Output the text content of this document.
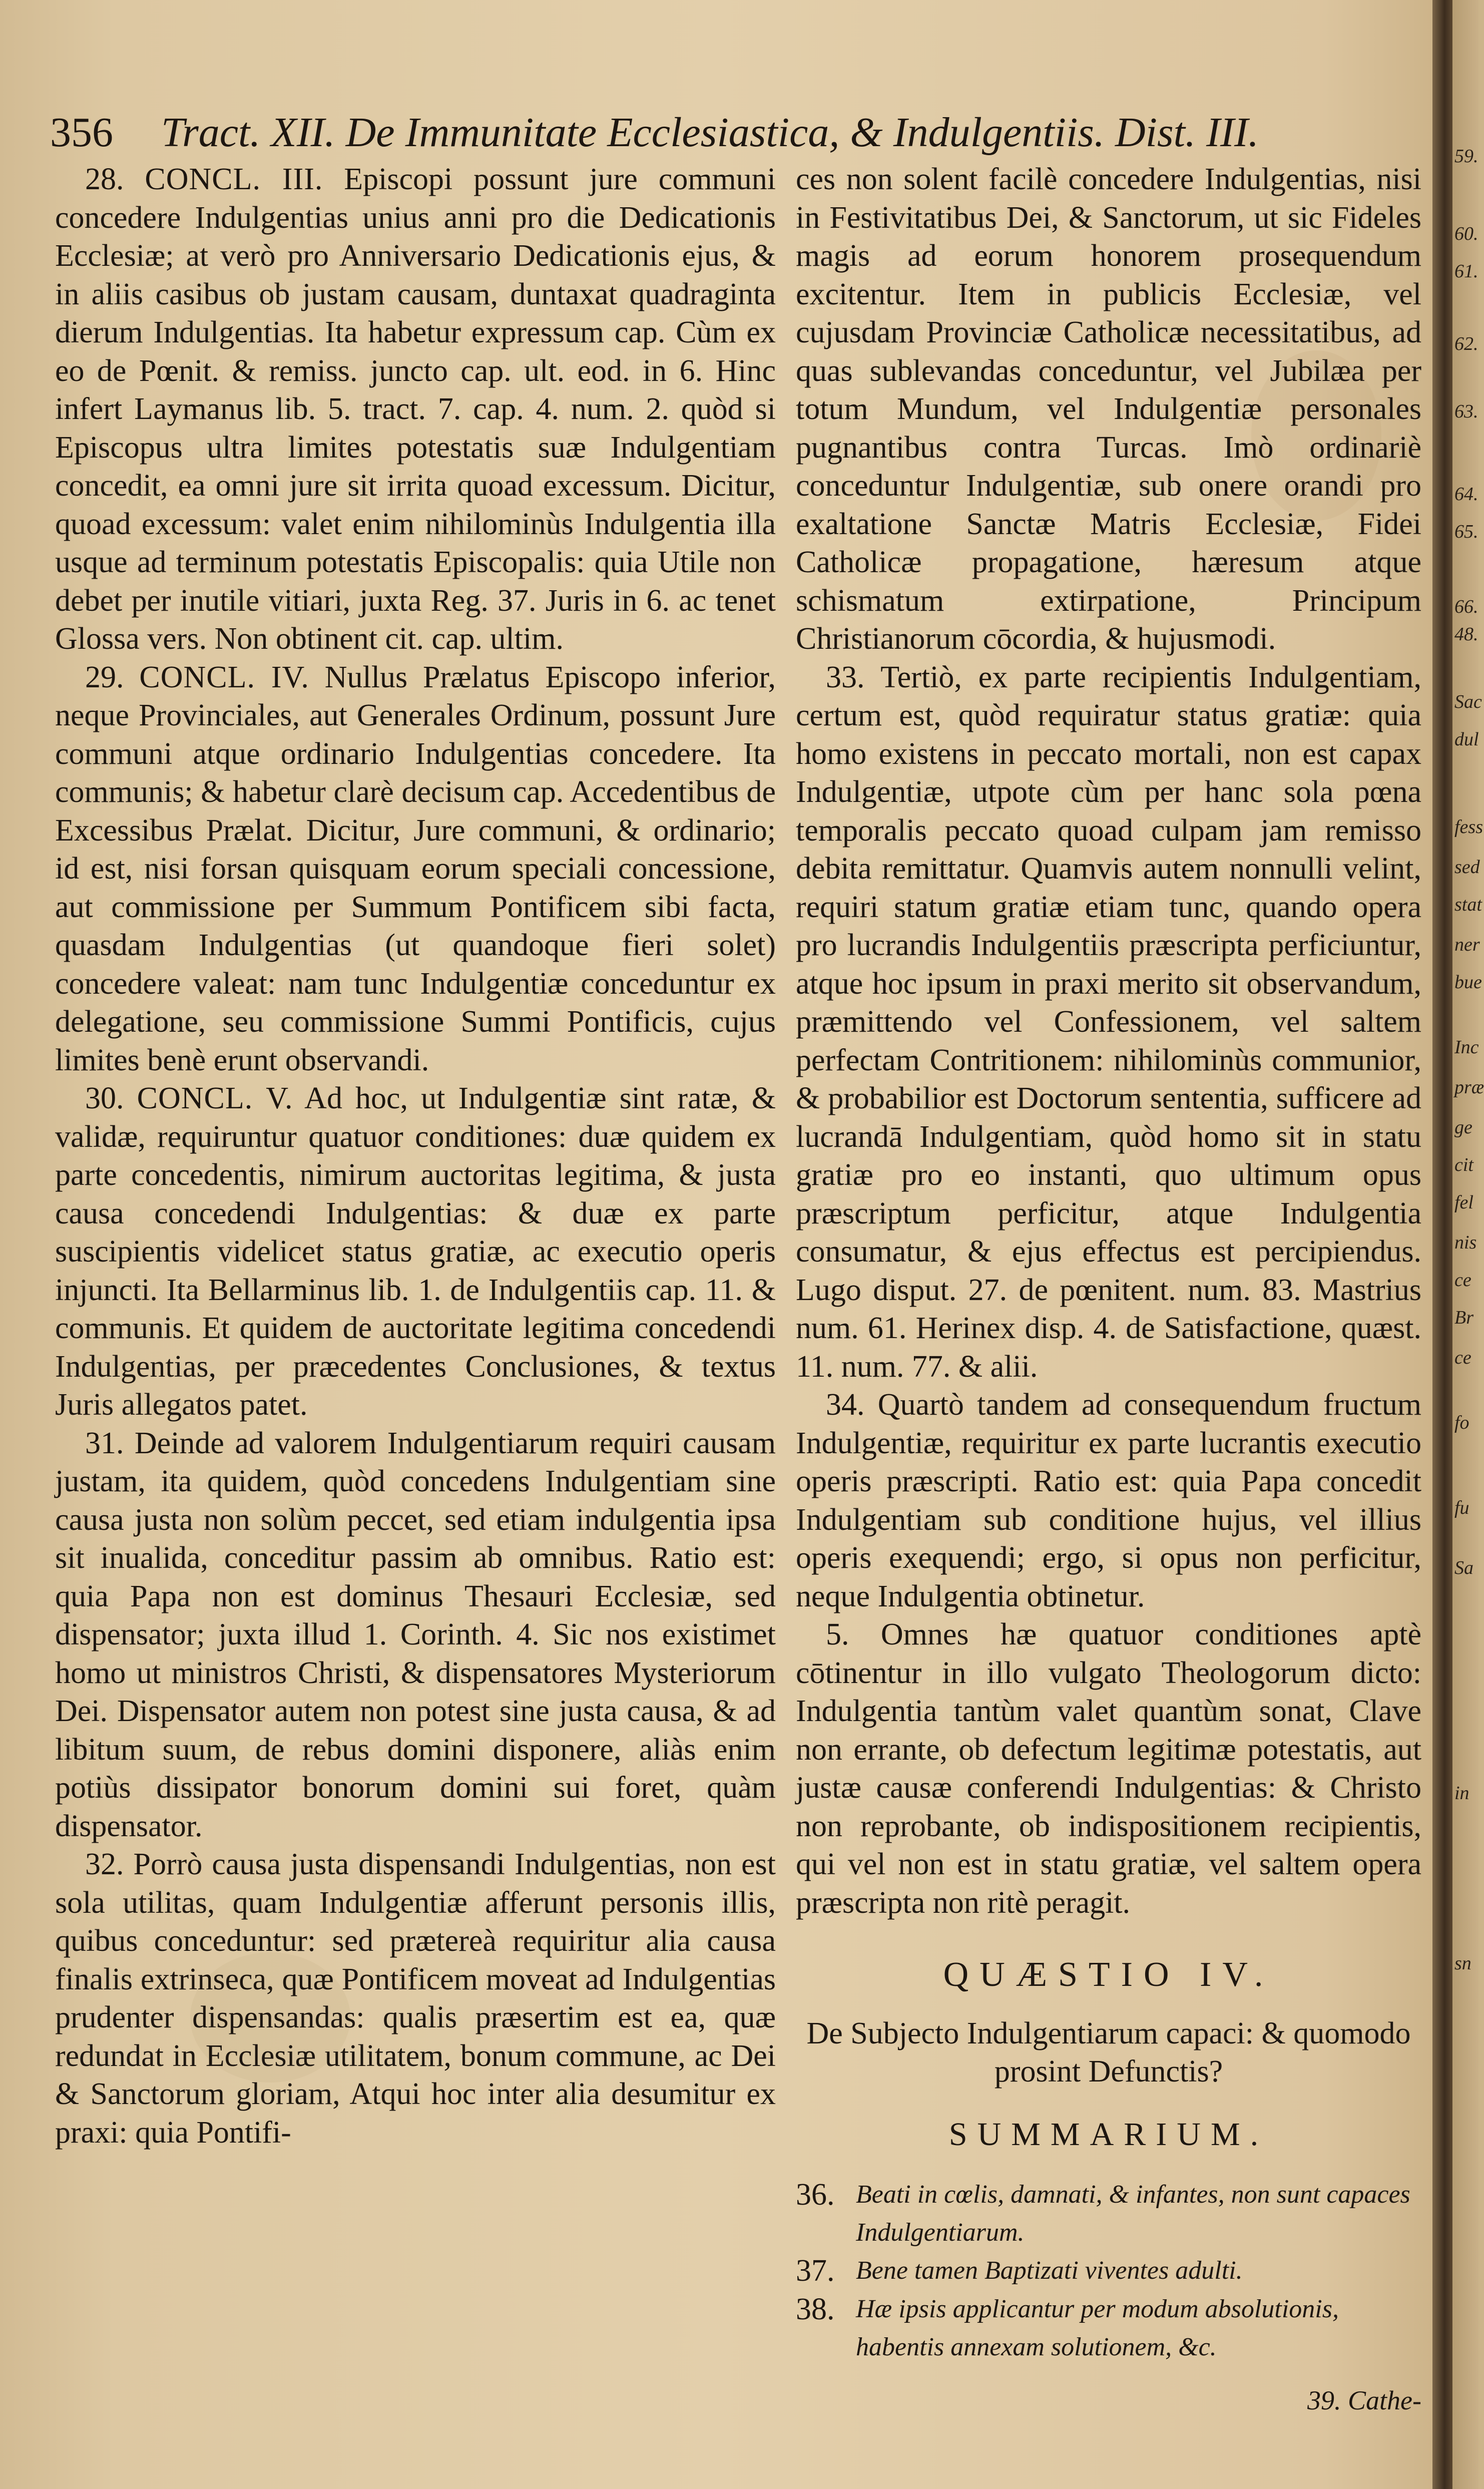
356 Tract. XII. De Immunitate Ecclesiastica, & Indulgentiis. Dist. III.

28. CONCL. III. Episcopi possunt jure communi concedere Indulgentias unius anni pro die Dedicationis Ecclesiæ; at verò pro Anniversario Dedicationis ejus, & in aliis casibus ob justam causam, duntaxat quadraginta dierum Indulgentias. Ita habetur expressum cap. Cùm ex eo de Pœnit. & remiss. juncto cap. ult. eod. in 6. Hinc infert Laymanus lib. 5. tract. 7. cap. 4. num. 2. quòd si Episcopus ultra limites potestatis suæ Indulgentiam concedit, ea omni jure sit irrita quoad excessum. Dicitur, quoad excessum: valet enim nihilominùs Indulgentia illa usque ad terminum potestatis Episcopalis: quia Utile non debet per inutile vitiari, juxta Reg. 37. Juris in 6. ac tenet Glossa vers. Non obtinent cit. cap. ultim.

29. CONCL. IV. Nullus Prælatus Episcopo inferior, neque Provinciales, aut Generales Ordinum, possunt Jure communi atque ordinario Indulgentias concedere. Ita communis; & habetur clarè decisum cap. Accedentibus de Excessibus Prælat. Dicitur, Jure communi, & ordinario; id est, nisi forsan quisquam eorum speciali concessione, aut commissione per Summum Pontificem sibi facta, quasdam Indulgentias (ut quandoque fieri solet) concedere valeat: nam tunc Indulgentiæ conceduntur ex delegatione, seu commissione Summi Pontificis, cujus limites benè erunt observandi.

30. CONCL. V. Ad hoc, ut Indulgentiæ sint ratæ, & validæ, requiruntur quatuor conditiones: duæ quidem ex parte concedentis, nimirum auctoritas legitima, & justa causa concedendi Indulgentias: & duæ ex parte suscipientis videlicet status gratiæ, ac executio operis injuncti. Ita Bellarminus lib. 1. de Indulgentiis cap. 11. & communis. Et quidem de auctoritate legitima concedendi Indulgentias, per præcedentes Conclusiones, & textus Juris allegatos patet.

31. Deinde ad valorem Indulgentiarum requiri causam justam, ita quidem, quòd concedens Indulgentiam sine causa justa non solùm peccet, sed etiam indulgentia ipsa sit inualida, conceditur passim ab omnibus. Ratio est: quia Papa non est dominus Thesauri Ecclesiæ, sed dispensator; juxta illud 1. Corinth. 4. Sic nos existimet homo ut ministros Christi, & dispensatores Mysteriorum Dei. Dispensator autem non potest sine justa causa, & ad libitum suum, de rebus domini disponere, aliàs enim potiùs dissipator bonorum domini sui foret, quàm dispensator.

32. Porrò causa justa dispensandi Indulgentias, non est sola utilitas, quam Indulgentiæ afferunt personis illis, quibus conceduntur: sed prætereà requiritur alia causa finalis extrinseca, quæ Pontificem moveat ad Indulgentias prudenter dispensandas: qualis præsertim est ea, quæ redundat in Ecclesiæ utilitatem, bonum commune, ac Dei & Sanctorum gloriam, Atqui hoc inter alia desumitur ex praxi: quia Pontifi-

ces non solent facilè concedere Indulgentias, nisi in Festivitatibus Dei, & Sanctorum, ut sic Fideles magis ad eorum honorem prosequendum excitentur. Item in publicis Ecclesiæ, vel cujusdam Provinciæ Catholicæ necessitatibus, ad quas sublevandas conceduntur, vel Jubilæa per totum Mundum, vel Indulgentiæ personales pugnantibus contra Turcas. Imò ordinariè conceduntur Indulgentiæ, sub onere orandi pro exaltatione Sanctæ Matris Ecclesiæ, Fidei Catholicæ propagatione, hæresum atque schismatum extirpatione, Principum Christianorum cōcordia, & hujusmodi.

33. Tertiò, ex parte recipientis Indulgentiam, certum est, quòd requiratur status gratiæ: quia homo existens in peccato mortali, non est capax Indulgentiæ, utpote cùm per hanc sola pœna temporalis peccato quoad culpam jam remisso debita remittatur. Quamvis autem nonnulli velint, requiri statum gratiæ etiam tunc, quando opera pro lucrandis Indulgentiis præscripta perficiuntur, atque hoc ipsum in praxi merito sit observandum, præmittendo vel Confessionem, vel saltem perfectam Contritionem: nihilominùs communior, & probabilior est Doctorum sententia, sufficere ad lucrandā Indulgentiam, quòd homo sit in statu gratiæ pro eo instanti, quo ultimum opus præscriptum perficitur, atque Indulgentia consumatur, & ejus effectus est percipiendus. Lugo disput. 27. de pœnitent. num. 83. Mastrius num. 61. Herinex disp. 4. de Satisfactione, quæst. 11. num. 77. & alii.

34. Quartò tandem ad consequendum fructum Indulgentiæ, requiritur ex parte lucrantis executio operis præscripti. Ratio est: quia Papa concedit Indulgentiam sub conditione hujus, vel illius operis exequendi; ergo, si opus non perficitur, neque Indulgentia obtinetur.

5. Omnes hæ quatuor conditiones aptè cōtinentur in illo vulgato Theologorum dicto: Indulgentia tantùm valet quantùm sonat, Clave non errante, ob defectum legitimæ potestatis, aut justæ causæ conferendi Indulgentias: & Christo non reprobante, ob indispositionem recipientis, qui vel non est in statu gratiæ, vel saltem opera præscripta non ritè peragit.

QUÆSTIO IV.

De Subjecto Indulgentiarum capaci: & quomodo prosint Defunctis?

SUMMARIUM.

36. Beati in cœlis, damnati, & infantes, non sunt capaces Indulgentiarum.
37. Bene tamen Baptizati viventes adulti.
38. Hæ ipsis applicantur per modum absolutionis, habentis annexam solutionem, &c.

39. Cathe-

59.
60.
61.
62.
63.
64.
65.
66.
48.
Sac
dul
fess
sed
stat
ner
bue
Inc
præ
ge
cit
fel
nis
ce
Br
ce
fo
fu
Sa
in
sn
